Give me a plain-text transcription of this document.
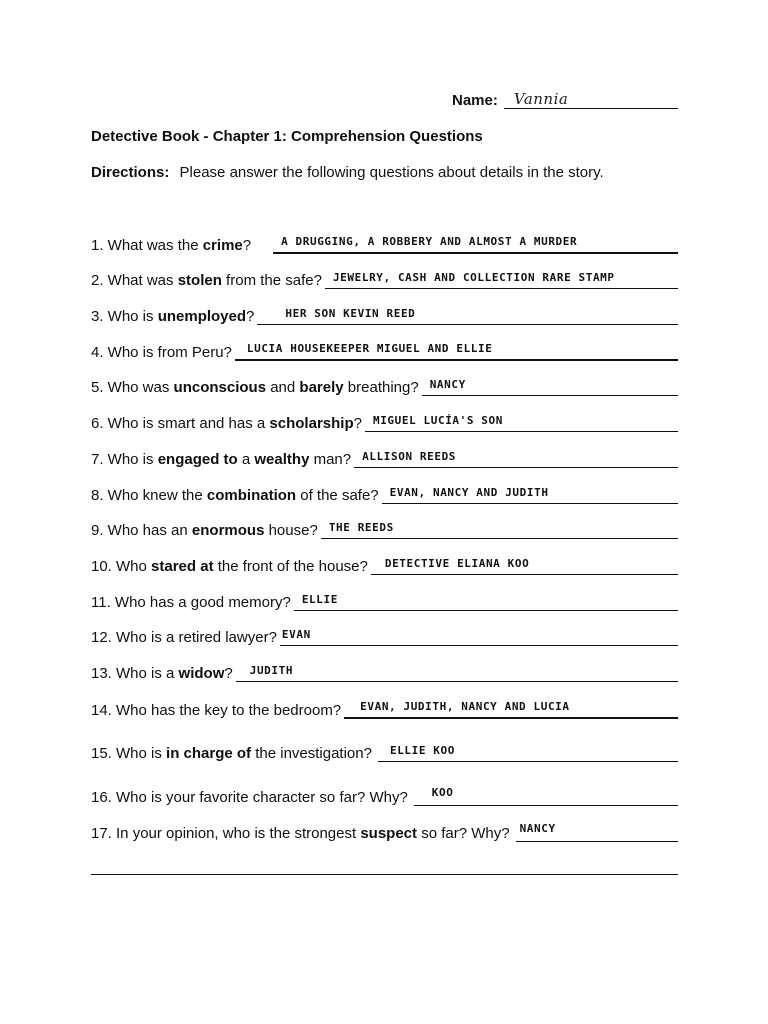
Name: Vannia
Detective Book - Chapter 1: Comprehension Questions
Directions: Please answer the following questions about details in the story.
1. What was the crime?	A DRUGGING, A ROBBERY AND ALMOST A MURDER
2. What was stolen from the safe? JEWELRY, CASH AND COLLECTION RARE STAMP
3. Who is unemployed?	HER SON KEVIN REED
4. Who is from Peru? LUCIA HOUSEKEEPER MIGUEL AND ELLIE
5. Who was unconscious and barely breathing? NANCY
6. Who is smart and has a scholarship? MIGUEL LUCÍA'S SON
7. Who is engaged to a wealthy man? ALLISON REEDS
8. Who knew the combination of the safe? EVAN, NANCY AND JUDITH
9. Who has an enormous house? THE REEDS
10. Who stared at the front of the house? DETECTIVE ELIANA KOO
11. Who has a good memory? ELLIE
12. Who is a retired lawyer? EVAN
13. Who is a widow? JUDITH
14. Who has the key to the bedroom? EVAN, JUDITH, NANCY AND LUCIA
15. Who is in charge of the investigation? ELLIE KOO
16. Who is your favorite character so far? Why? KOO
17. In your opinion, who is the strongest suspect so far? Why? NANCY
